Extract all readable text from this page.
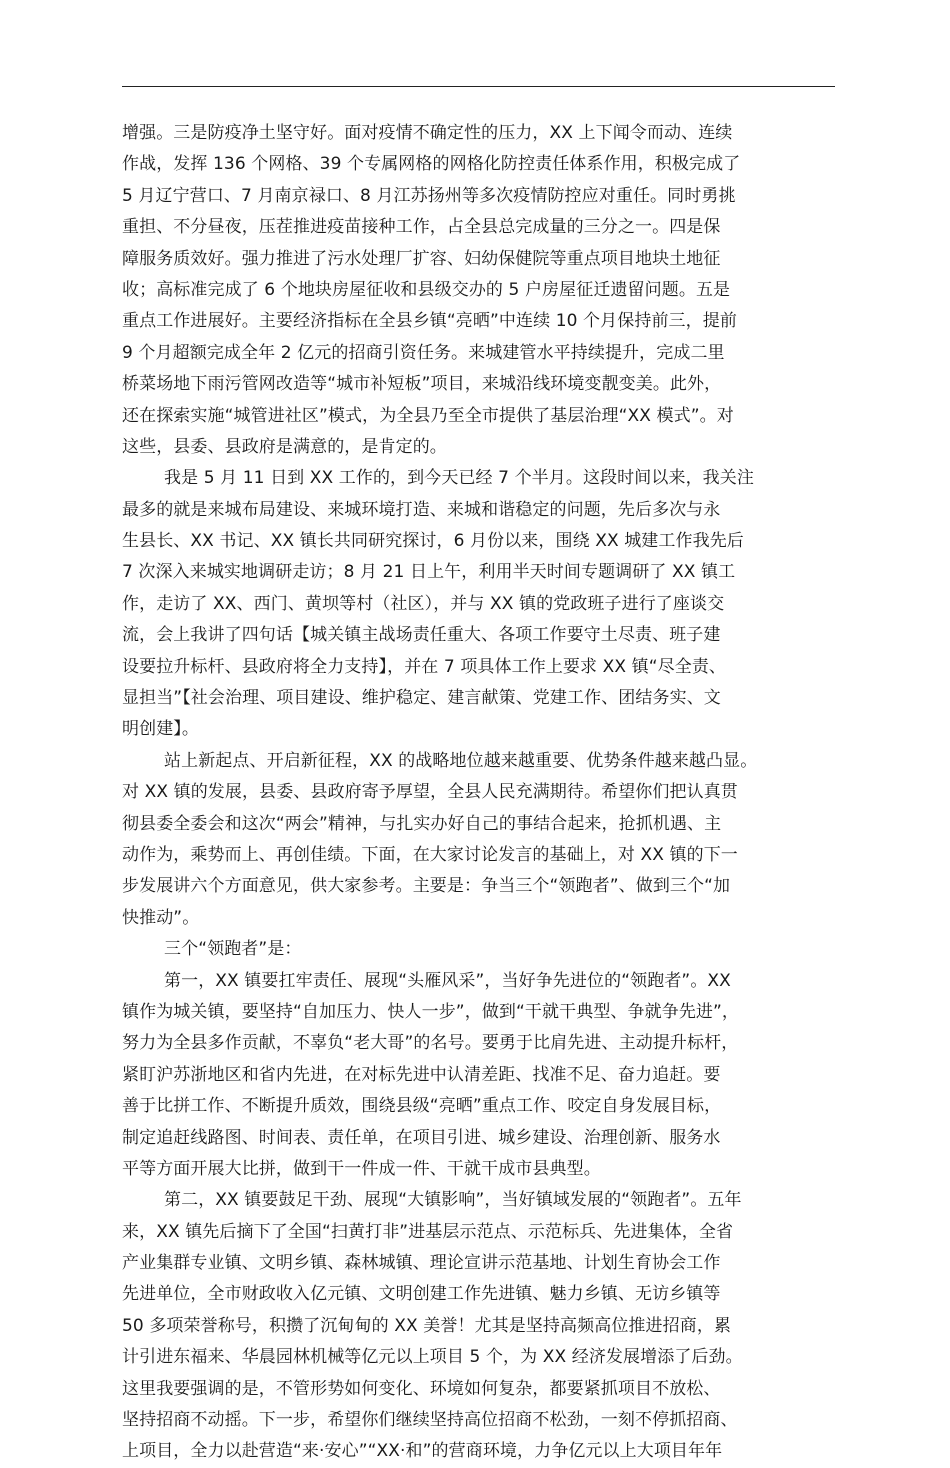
增强。三是防疫净土坚守好。面对疫情不确定性的压力，XX 上下闻令而动、连续
作战，发挥 136 个网格、39 个专属网格的网格化防控责任体系作用，积极完成了
5 月辽宁营口、7 月南京禄口、8 月江苏扬州等多次疫情防控应对重任。同时勇挑
重担、不分昼夜，压茬推进疫苗接种工作，占全县总完成量的三分之一。四是保
障服务质效好。强力推进了污水处理厂扩容、妇幼保健院等重点项目地块土地征
收；高标准完成了 6 个地块房屋征收和县级交办的 5 户房屋征迁遗留问题。五是
重点工作进展好。主要经济指标在全县乡镇“亮晒”中连续 10 个月保持前三，提前
9 个月超额完成全年 2 亿元的招商引资任务。来城建管水平持续提升，完成二里
桥菜场地下雨污管网改造等“城市补短板”项目，来城沿线环境变靓变美。此外，
还在探索实施“城管进社区”模式，为全县乃至全市提供了基层治理“XX 模式”。对
这些，县委、县政府是满意的，是肯定的。
我是 5 月 11 日到 XX 工作的，到今天已经 7 个半月。这段时间以来，我关注
最多的就是来城布局建设、来城环境打造、来城和谐稳定的问题，先后多次与永
生县长、XX 书记、XX 镇长共同研究探讨，6 月份以来，围绕 XX 城建工作我先后
7 次深入来城实地调研走访；8 月 21 日上午，利用半天时间专题调研了 XX 镇工
作，走访了 XX、西门、黄坝等村（社区），并与 XX 镇的党政班子进行了座谈交
流，会上我讲了四句话【城关镇主战场责任重大、各项工作要守土尽责、班子建
设要拉升标杆、县政府将全力支持】，并在 7 项具体工作上要求 XX 镇“尽全责、
显担当”【社会治理、项目建设、维护稳定、建言献策、党建工作、团结务实、文
明创建】。
站上新起点、开启新征程，XX 的战略地位越来越重要、优势条件越来越凸显。
对 XX 镇的发展，县委、县政府寄予厚望，全县人民充满期待。希望你们把认真贯
彻县委全委会和这次“两会”精神，与扎实办好自己的事结合起来，抢抓机遇、主
动作为，乘势而上、再创佳绩。下面，在大家讨论发言的基础上，对 XX 镇的下一
步发展讲六个方面意见，供大家参考。主要是：争当三个“领跑者”、做到三个“加
快推动”。
三个“领跑者”是：
第一，XX 镇要扛牢责任、展现“头雁风采”，当好争先进位的“领跑者”。XX
镇作为城关镇，要坚持“自加压力、快人一步”，做到“干就干典型、争就争先进”，
努力为全县多作贡献，不辜负“老大哥”的名号。要勇于比肩先进、主动提升标杆，
紧盯沪苏浙地区和省内先进，在对标先进中认清差距、找准不足、奋力追赶。要
善于比拼工作、不断提升质效，围绕县级“亮晒”重点工作、咬定自身发展目标，
制定追赶线路图、时间表、责任单，在项目引进、城乡建设、治理创新、服务水
平等方面开展大比拼，做到干一件成一件、干就干成市县典型。
第二，XX 镇要鼓足干劲、展现“大镇影响”，当好镇域发展的“领跑者”。五年
来，XX 镇先后摘下了全国“扫黄打非”进基层示范点、示范标兵、先进集体，全省
产业集群专业镇、文明乡镇、森林城镇、理论宣讲示范基地、计划生育协会工作
先进单位，全市财政收入亿元镇、文明创建工作先进镇、魅力乡镇、无访乡镇等
50 多项荣誉称号，积攒了沉甸甸的 XX 美誉！尤其是坚持高频高位推进招商，累
计引进东福来、华晨园林机械等亿元以上项目 5 个，为 XX 经济发展增添了后劲。
这里我要强调的是，不管形势如何变化、环境如何复杂，都要紧抓项目不放松、
坚持招商不动摇。下一步，希望你们继续坚持高位招商不松劲，一刻不停抓招商、
上项目，全力以赴营造“来·安心”“XX·和”的营商环境，力争亿元以上大项目年年
